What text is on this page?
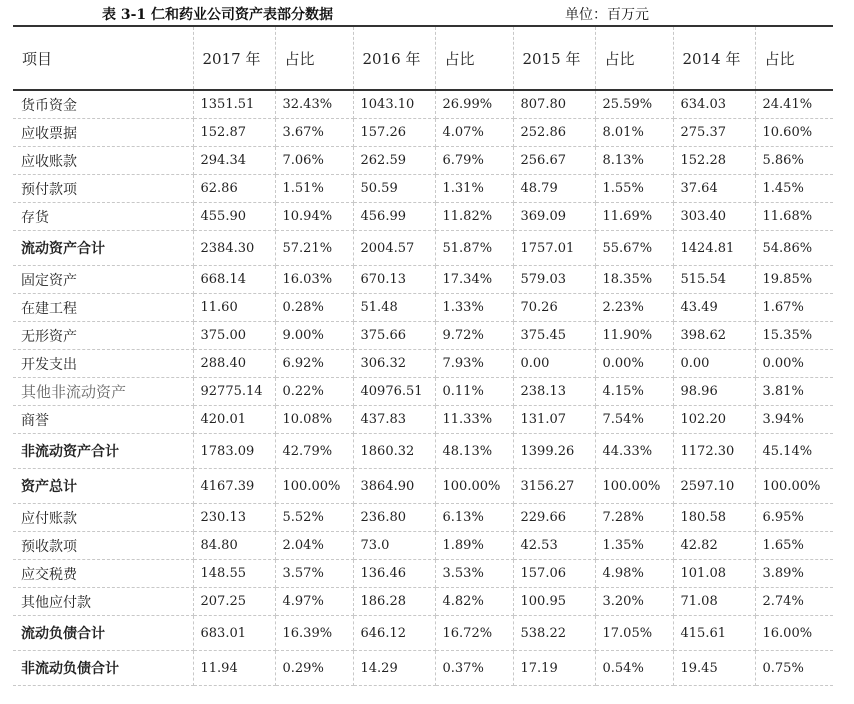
表 3-1 仁和药业公司资产表部分数据	单位：百万元
项目	2017 年	占比	2016 年	占比	2015 年	占比	2014 年	占比
货币资金	1351.51	32.43%	1043.10	26.99%	807.80	25.59%	634.03	24.41%
应收票据	152.87	3.67%	157.26	4.07%	252.86	8.01%	275.37	10.60%
应收账款	294.34	7.06%	262.59	6.79%	256.67	8.13%	152.28	5.86%
预付款项	62.86	1.51%	50.59	1.31%	48.79	1.55%	37.64	1.45%
存货	455.90	10.94%	456.99	11.82%	369.09	11.69%	303.40	11.68%
流动资产合计	2384.30	57.21%	2004.57	51.87%	1757.01	55.67%	1424.81	54.86%
固定资产	668.14	16.03%	670.13	17.34%	579.03	18.35%	515.54	19.85%
在建工程	11.60	0.28%	51.48	1.33%	70.26	2.23%	43.49	1.67%
无形资产	375.00	9.00%	375.66	9.72%	375.45	11.90%	398.62	15.35%
开发支出	288.40	6.92%	306.32	7.93%	0.00	0.00%	0.00	0.00%
其他非流动资产	92775.14	0.22%	40976.51	0.11%	238.13	4.15%	98.96	3.81%
商誉	420.01	10.08%	437.83	11.33%	131.07	7.54%	102.20	3.94%
非流动资产合计	1783.09	42.79%	1860.32	48.13%	1399.26	44.33%	1172.30	45.14%
资产总计	4167.39	100.00%	3864.90	100.00%	3156.27	100.00%	2597.10	100.00%
应付账款	230.13	5.52%	236.80	6.13%	229.66	7.28%	180.58	6.95%
预收款项	84.80	2.04%	73.0	1.89%	42.53	1.35%	42.82	1.65%
应交税费	148.55	3.57%	136.46	3.53%	157.06	4.98%	101.08	3.89%
其他应付款	207.25	4.97%	186.28	4.82%	100.95	3.20%	71.08	2.74%
流动负债合计	683.01	16.39%	646.12	16.72%	538.22	17.05%	415.61	16.00%
非流动负债合计	11.94	0.29%	14.29	0.37%	17.19	0.54%	19.45	0.75%
